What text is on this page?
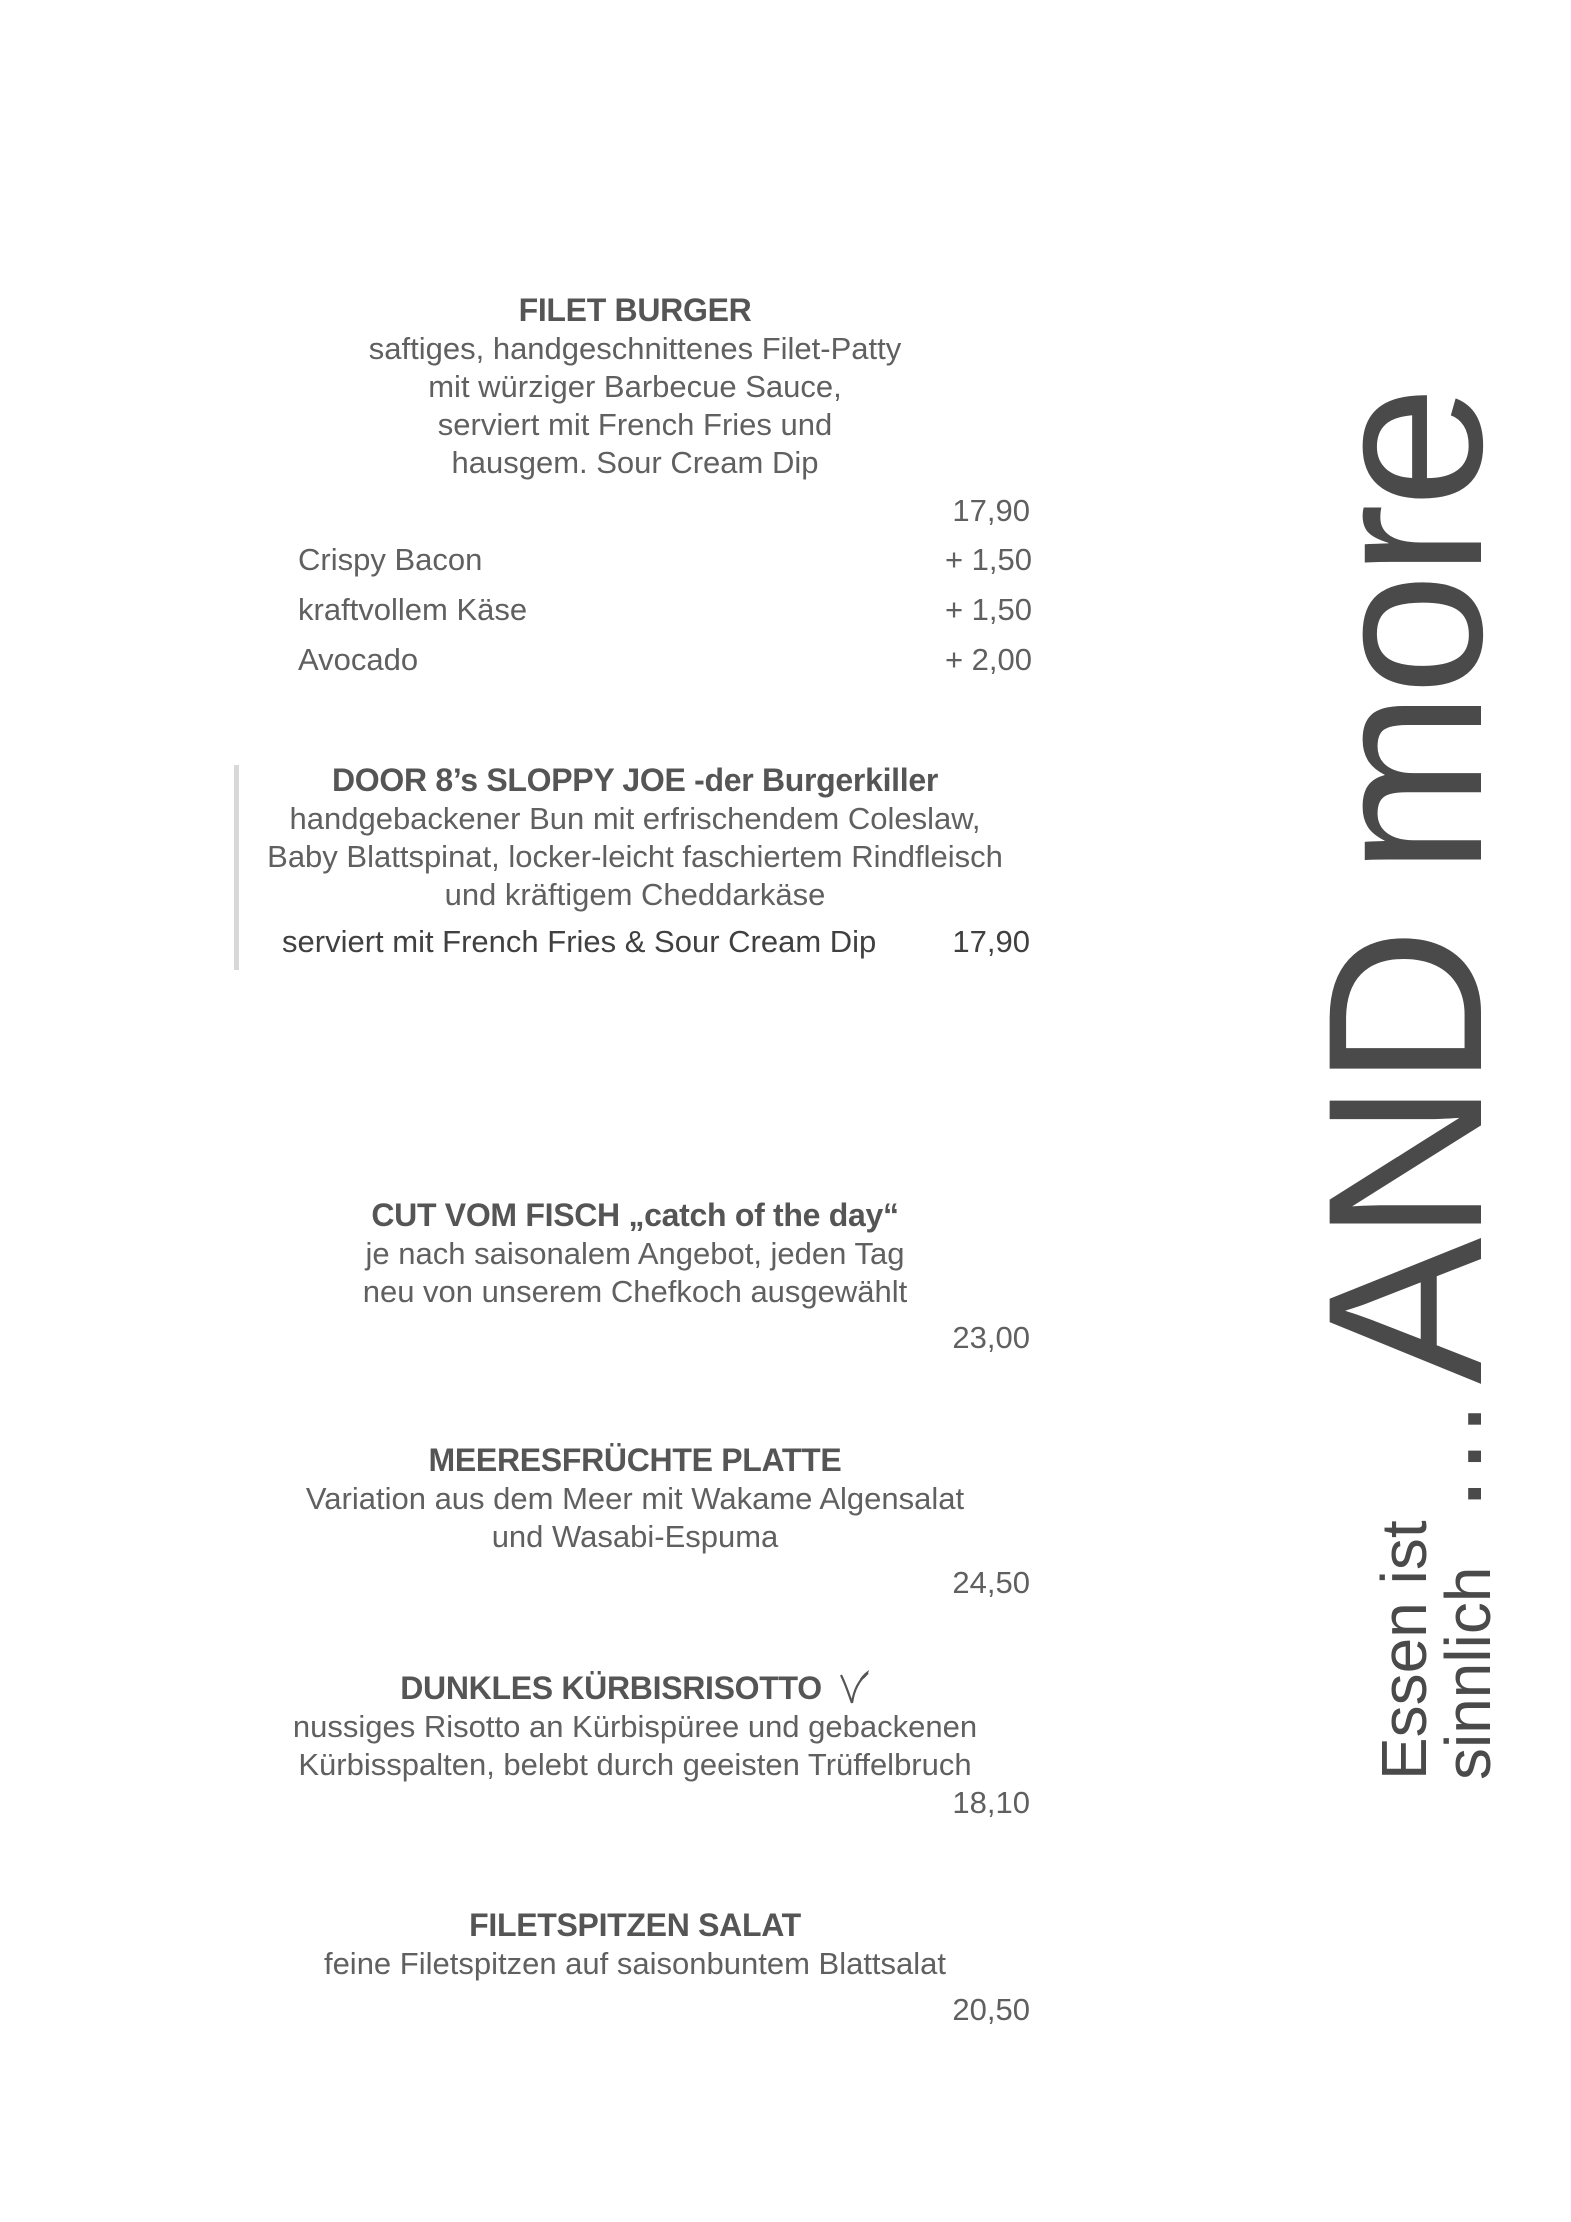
FILET BURGER

saftiges, handgeschnittenes Filet-Patty

mit würziger Barbecue Sauce,

serviert mit French Fries und

hausgem. Sour Cream Dip

17,90
Crispy Bacon	+ 1,50
kraftvollem Käse	+ 1,50
Avocado	+ 2,00

DOOR 8’s SLOPPY JOE -der Burgerkiller

handgebackener Bun mit erfrischendem Coleslaw,

Baby Blattspinat, locker-leicht faschiertem Rindfleisch

und kräftigem Cheddarkäse

serviert mit French Fries & Sour Cream Dip 17,90

CUT VOM FISCH „catch of the day“

je nach saisonalem Angebot, jeden Tag

neu von unserem Chefkoch ausgewählt

23,00

MEERESFRÜCHTE PLATTE

Variation aus dem Meer mit Wakame Algensalat

und Wasabi-Espuma

24,50

DUNKLES KÜRBISRISOTTO

nussiges Risotto an Kürbispüree und gebackenen

Kürbisspalten, belebt durch geeisten Trüffelbruch

18,10

FILETSPITZEN SALAT

feine Filetspitzen auf saisonbuntem Blattsalat

20,50
Essen ist
sinnlich
...
AND more
